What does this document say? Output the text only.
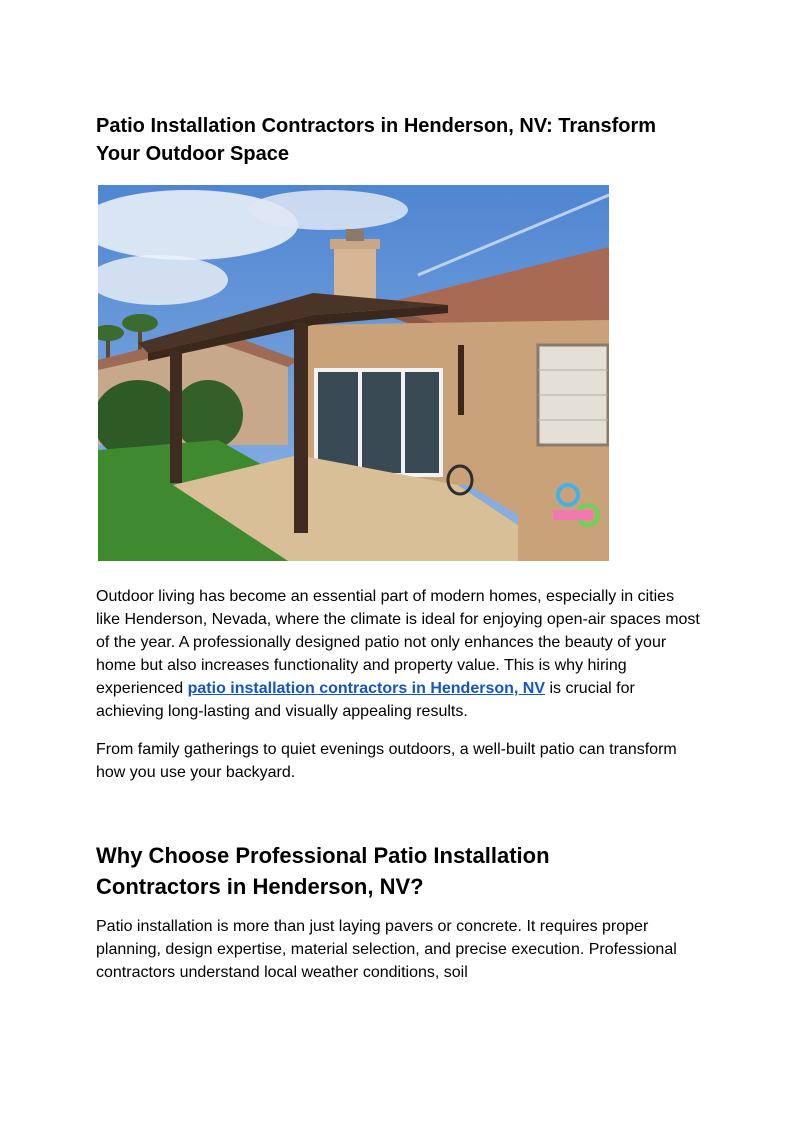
Patio Installation Contractors in Henderson, NV: Transform Your Outdoor Space

Outdoor living has become an essential part of modern homes, especially in cities like Henderson, Nevada, where the climate is ideal for enjoying open-air spaces most of the year. A professionally designed patio not only enhances the beauty of your home but also increases functionality and property value. This is why hiring experienced patio installation contractors in Henderson, NV is crucial for achieving long-lasting and visually appealing results.

From family gatherings to quiet evenings outdoors, a well-built patio can transform how you use your backyard.

Why Choose Professional Patio Installation Contractors in Henderson, NV?

Patio installation is more than just laying pavers or concrete. It requires proper planning, design expertise, material selection, and precise execution. Professional contractors understand local weather conditions, soil
